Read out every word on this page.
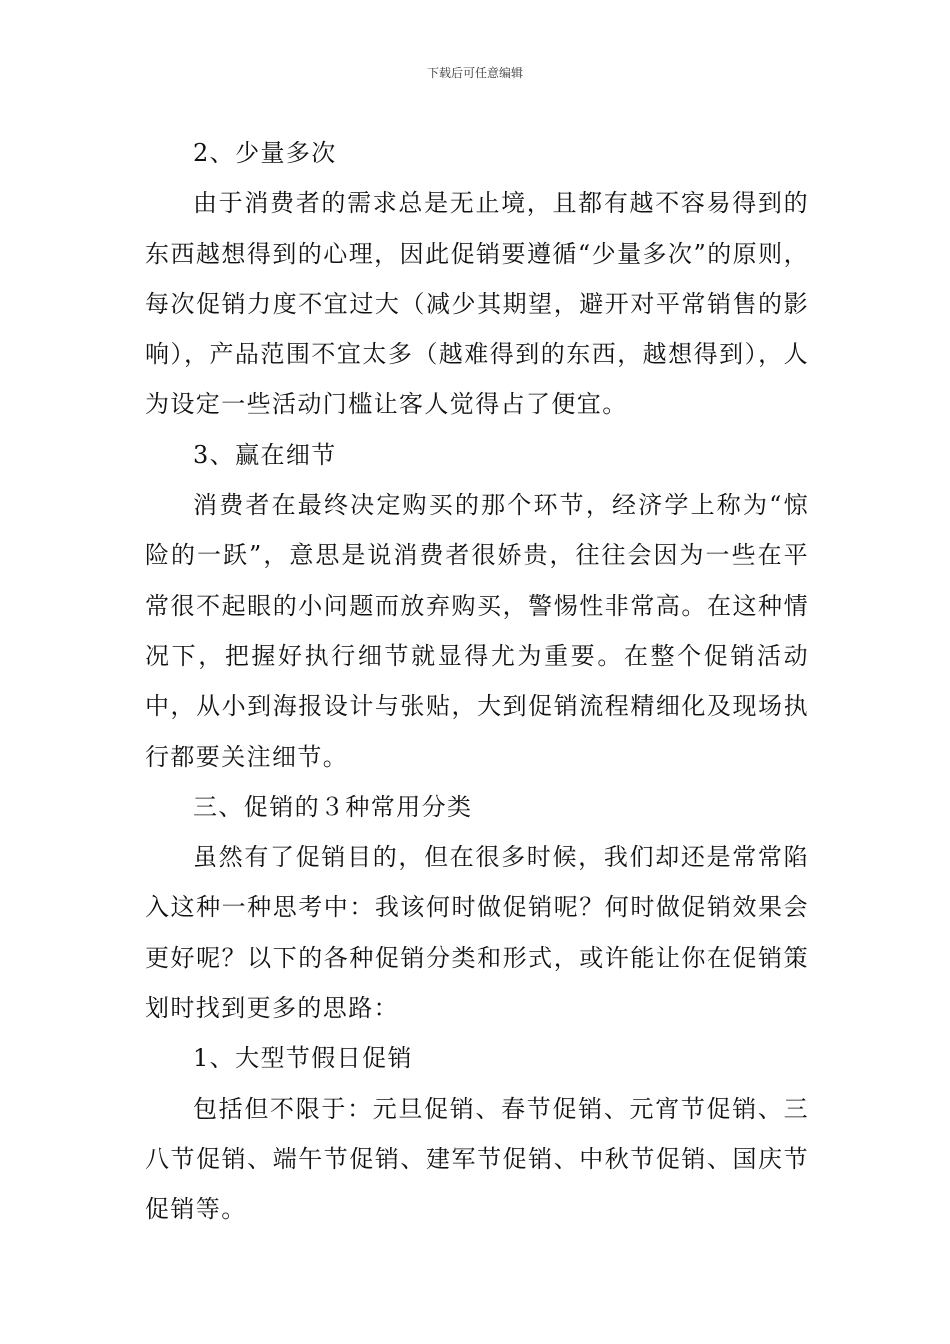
下载后可任意编辑

2、少量多次

由于消费者的需求总是无止境，且都有越不容易得到的东西越想得到的心理，因此促销要遵循“少量多次”的原则，每次促销力度不宜过大（减少其期望，避开对平常销售的影响），产品范围不宜太多（越难得到的东西，越想得到），人为设定一些活动门槛让客人觉得占了便宜。

3、赢在细节

消费者在最终决定购买的那个环节，经济学上称为“惊险的一跃”，意思是说消费者很娇贵，往往会因为一些在平常很不起眼的小问题而放弃购买，警惕性非常高。在这种情况下，把握好执行细节就显得尤为重要。在整个促销活动中，从小到海报设计与张贴，大到促销流程精细化及现场执行都要关注细节。

三、促销的３种常用分类

虽然有了促销目的，但在很多时候，我们却还是常常陷入这种一种思考中：我该何时做促销呢？何时做促销效果会更好呢？以下的各种促销分类和形式，或许能让你在促销策划时找到更多的思路：

1、大型节假日促销

包括但不限于：元旦促销、春节促销、元宵节促销、三八节促销、端午节促销、建军节促销、中秋节促销、国庆节促销等。
